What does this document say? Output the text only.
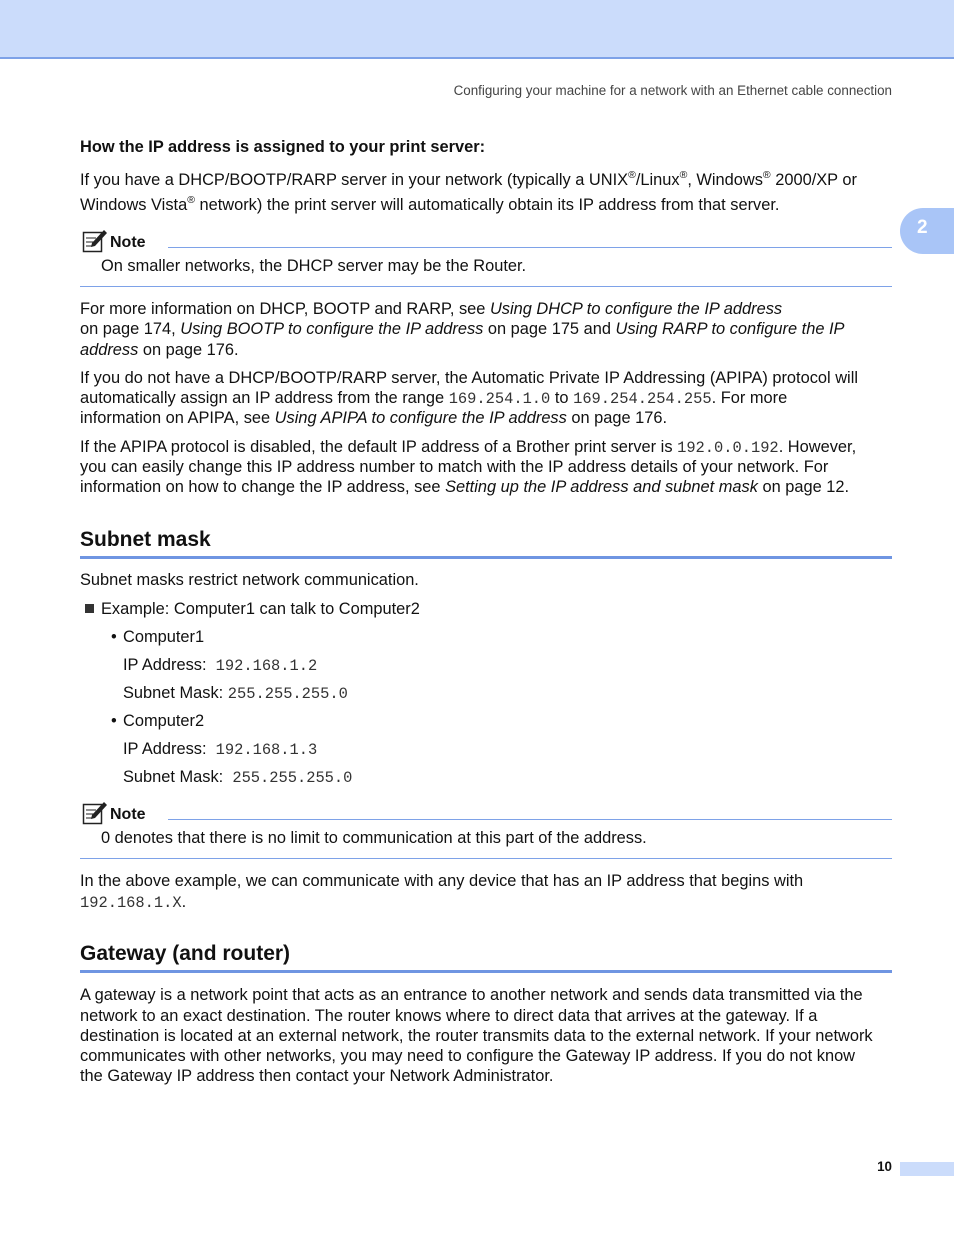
Configuring your machine for a network with an Ethernet cable connection
2
How the IP address is assigned to your print server:
If you have a DHCP/BOOTP/RARP server in your network (typically a UNIX®/Linux®, Windows® 2000/XP or
Windows Vista® network) the print server will automatically obtain its IP address from that server.
Note
On smaller networks, the DHCP server may be the Router.
For more information on DHCP, BOOTP and RARP, see Using DHCP to configure the IP address
on page 174, Using BOOTP to configure the IP address on page 175 and Using RARP to configure the IP
address on page 176.
If you do not have a DHCP/BOOTP/RARP server, the Automatic Private IP Addressing (APIPA) protocol will
automatically assign an IP address from the range 169.254.1.0 to 169.254.254.255. For more
information on APIPA, see Using APIPA to configure the IP address on page 176.
If the APIPA protocol is disabled, the default IP address of a Brother print server is 192.0.0.192. However,
you can easily change this IP address number to match with the IP address details of your network. For
information on how to change the IP address, see Setting up the IP address and subnet mask on page 12.
Subnet mask
Subnet masks restrict network communication.
Example: Computer1 can talk to Computer2
• Computer1
IP Address: 192.168.1.2
Subnet Mask: 255.255.255.0
• Computer2
IP Address: 192.168.1.3
Subnet Mask: 255.255.255.0
Note
0 denotes that there is no limit to communication at this part of the address.
In the above example, we can communicate with any device that has an IP address that begins with
192.168.1.X.
Gateway (and router)
A gateway is a network point that acts as an entrance to another network and sends data transmitted via the
network to an exact destination. The router knows where to direct data that arrives at the gateway. If a
destination is located at an external network, the router transmits data to the external network. If your network
communicates with other networks, you may need to configure the Gateway IP address. If you do not know
the Gateway IP address then contact your Network Administrator.
10
